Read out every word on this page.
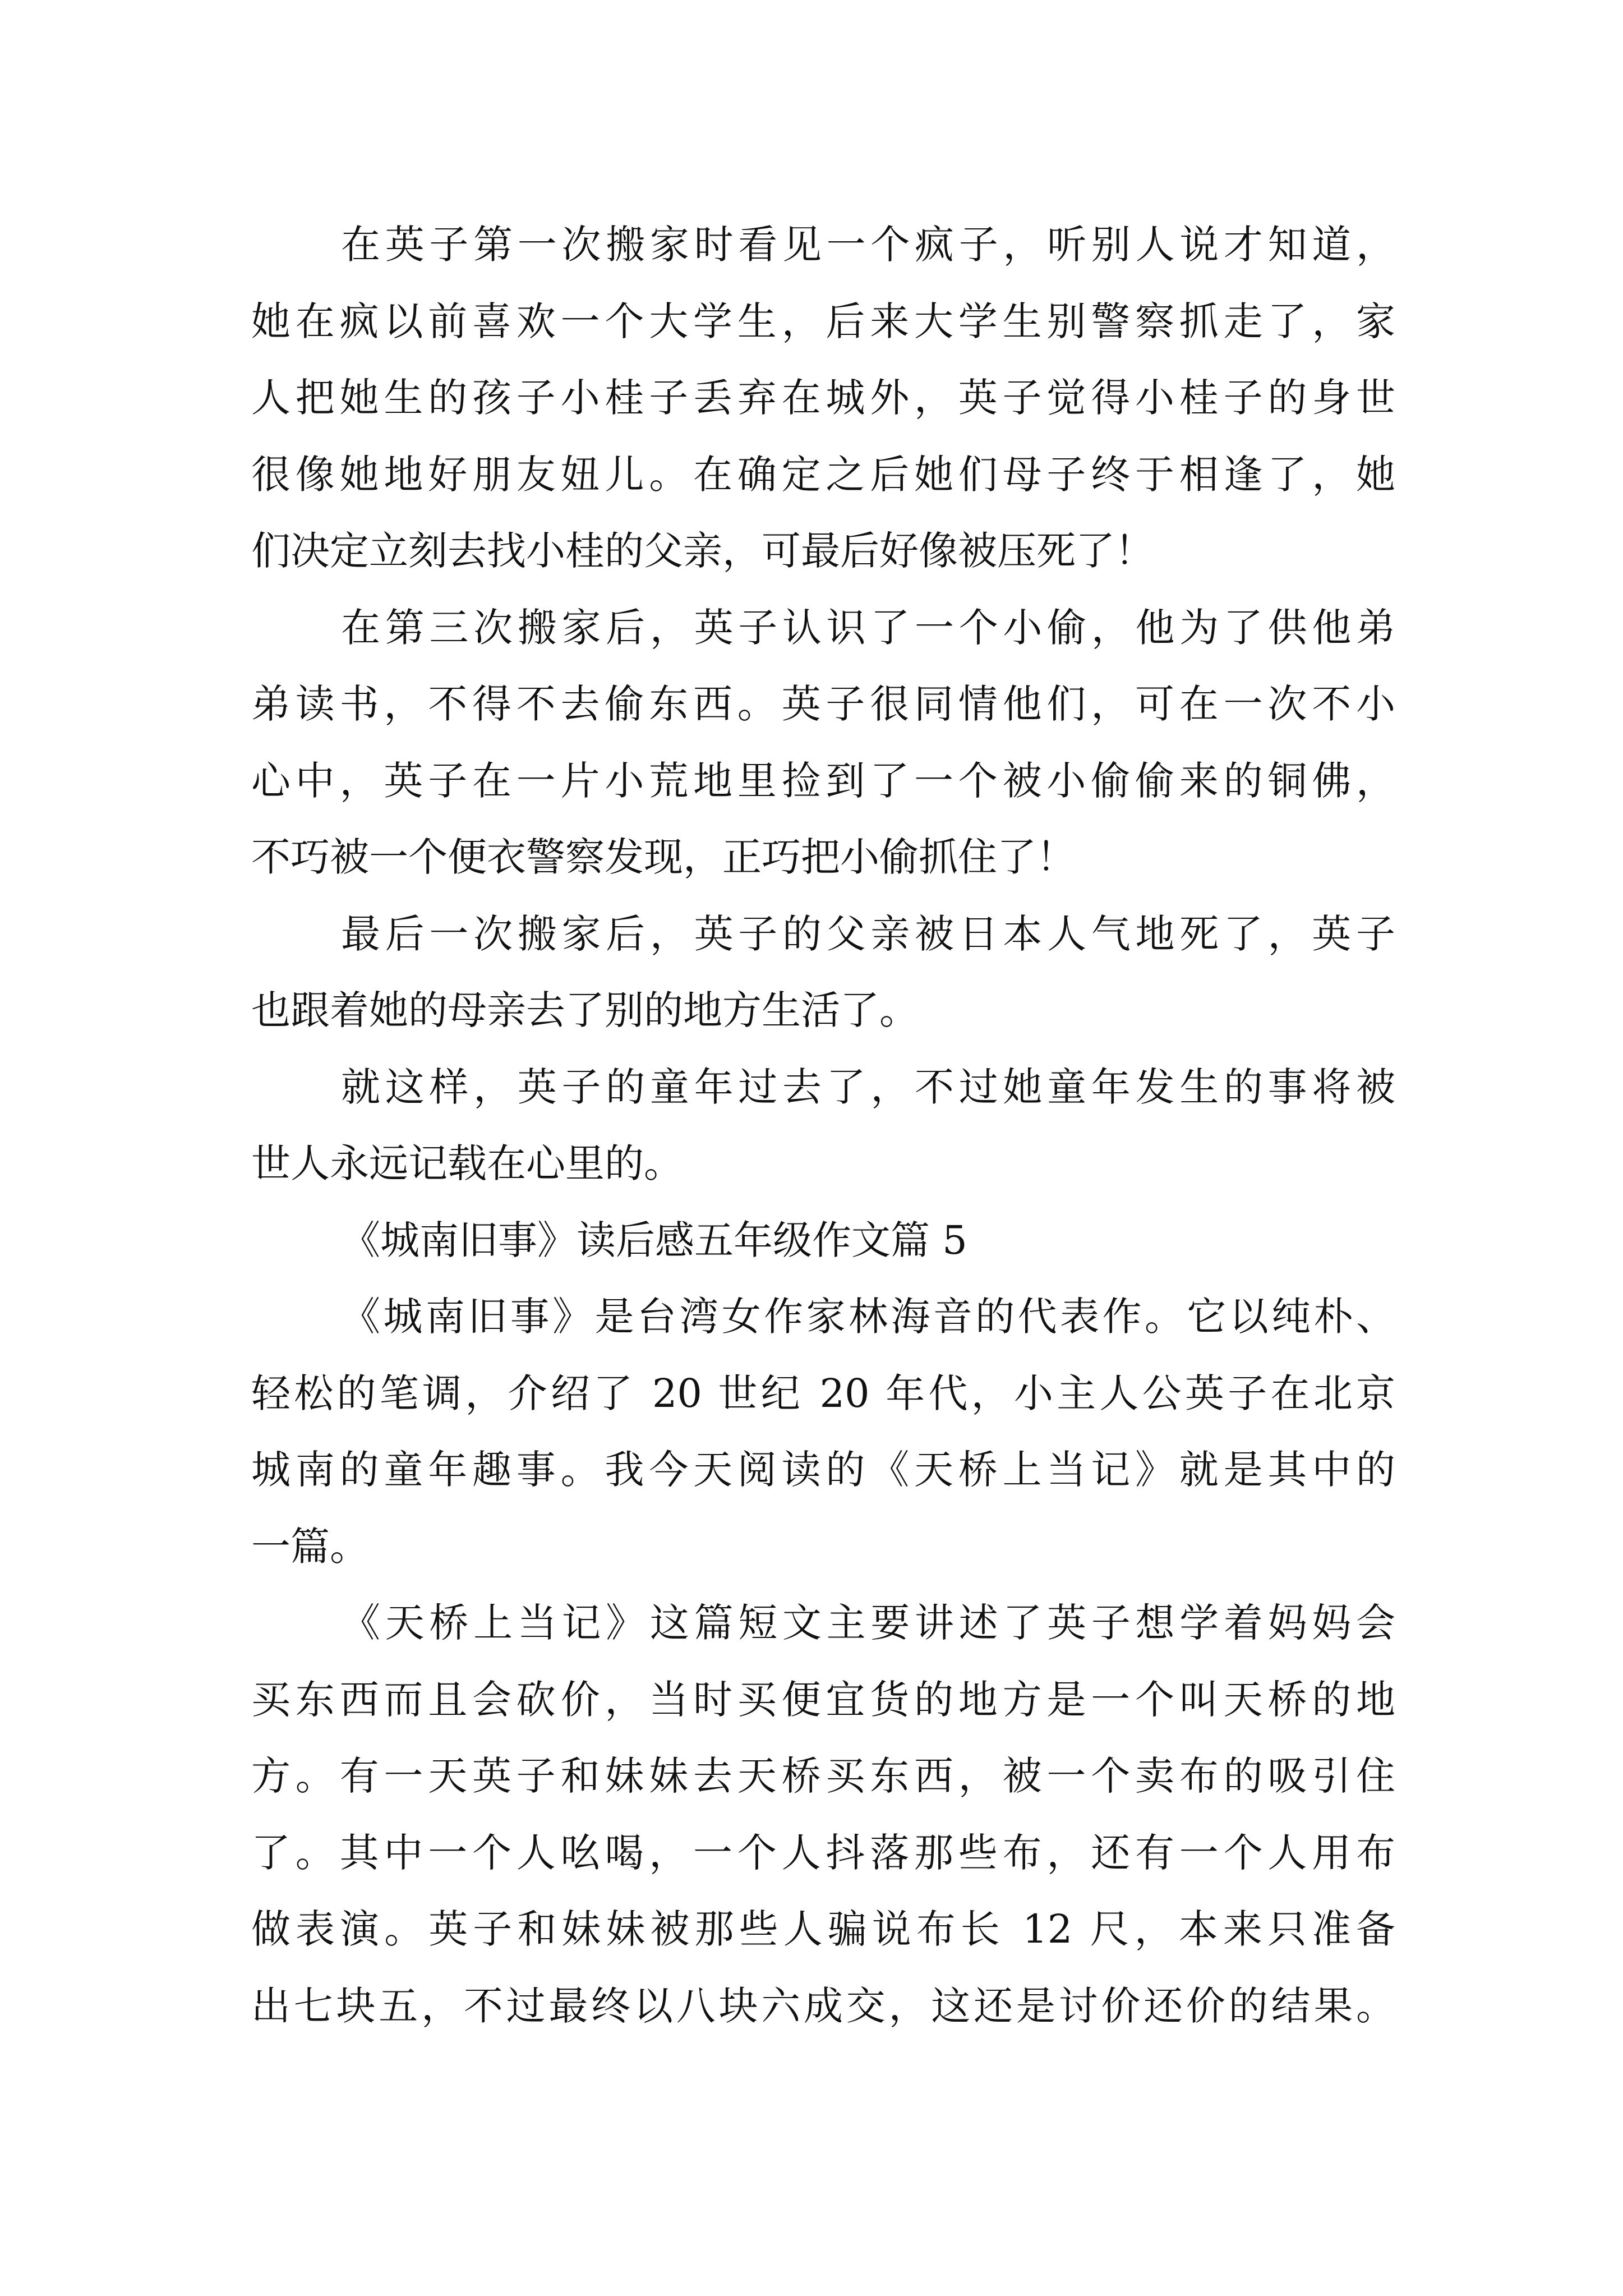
在英子第一次搬家时看见一个疯子，听别人说才知道，
她在疯以前喜欢一个大学生，后来大学生别警察抓走了，家
人把她生的孩子小桂子丢弃在城外，英子觉得小桂子的身世
很像她地好朋友妞儿。在确定之后她们母子终于相逢了，她
们决定立刻去找小桂的父亲，可最后好像被压死了！
在第三次搬家后，英子认识了一个小偷，他为了供他弟
弟读书，不得不去偷东西。英子很同情他们，可在一次不小
心中，英子在一片小荒地里捡到了一个被小偷偷来的铜佛，
不巧被一个便衣警察发现，正巧把小偷抓住了！
最后一次搬家后，英子的父亲被日本人气地死了，英子
也跟着她的母亲去了别的地方生活了。
就这样，英子的童年过去了，不过她童年发生的事将被
世人永远记载在心里的。
《城南旧事》读后感五年级作文篇 5
《城南旧事》是台湾女作家林海音的代表作。它以纯朴、
轻松的笔调，介绍了 20 世纪 20 年代，小主人公英子在北京
城南的童年趣事。我今天阅读的《天桥上当记》就是其中的
一篇。
《天桥上当记》这篇短文主要讲述了英子想学着妈妈会
买东西而且会砍价，当时买便宜货的地方是一个叫天桥的地
方。有一天英子和妹妹去天桥买东西，被一个卖布的吸引住
了。其中一个人吆喝，一个人抖落那些布，还有一个人用布
做表演。英子和妹妹被那些人骗说布长 12 尺，本来只准备
出七块五，不过最终以八块六成交，这还是讨价还价的结果。
